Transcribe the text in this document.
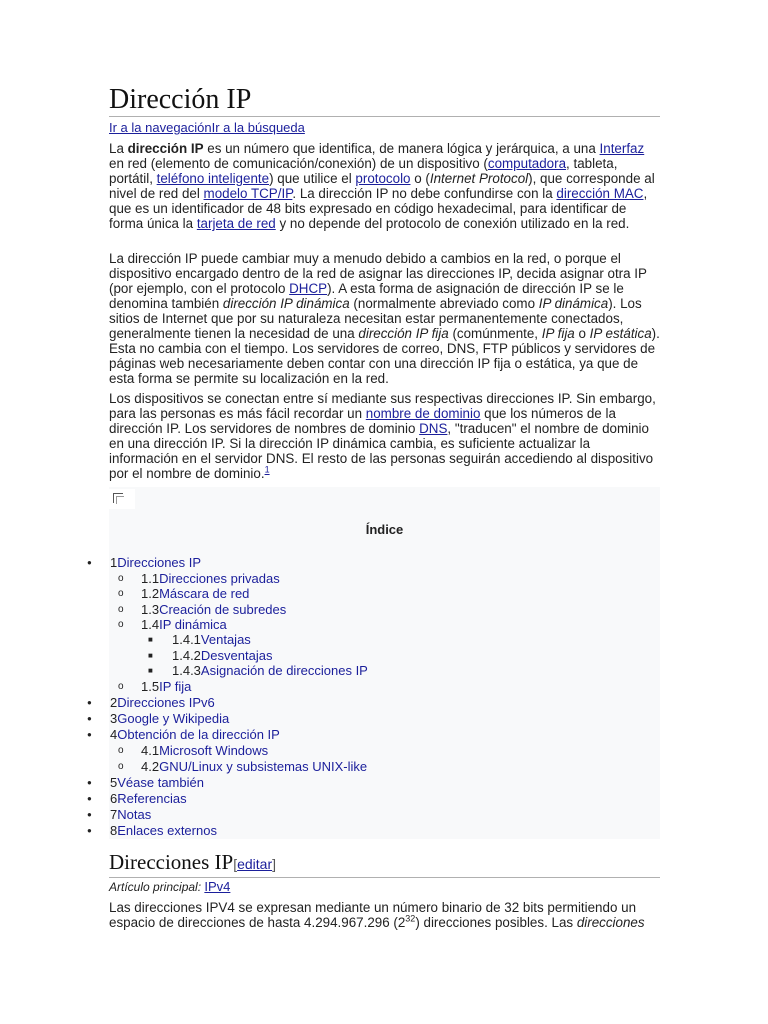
Dirección IP
Ir a la navegaciónIr a la búsqueda

La dirección IP es un número que identifica, de manera lógica y jerárquica, a una Interfaz en red (elemento de comunicación/conexión) de un dispositivo (computadora, tableta, portátil, teléfono inteligente) que utilice el protocolo o (Internet Protocol), que corresponde al nivel de red del modelo TCP/IP. La dirección IP no debe confundirse con la dirección MAC, que es un identificador de 48 bits expresado en código hexadecimal, para identificar de forma única la tarjeta de red y no depende del protocolo de conexión utilizado en la red.

La dirección IP puede cambiar muy a menudo debido a cambios en la red, o porque el dispositivo encargado dentro de la red de asignar las direcciones IP, decida asignar otra IP (por ejemplo, con el protocolo DHCP). A esta forma de asignación de dirección IP se le denomina también dirección IP dinámica (normalmente abreviado como IP dinámica). Los sitios de Internet que por su naturaleza necesitan estar permanentemente conectados, generalmente tienen la necesidad de una dirección IP fija (comúnmente, IP fija o IP estática). Esta no cambia con el tiempo. Los servidores de correo, DNS, FTP públicos y servidores de páginas web necesariamente deben contar con una dirección IP fija o estática, ya que de esta forma se permite su localización en la red.

Los dispositivos se conectan entre sí mediante sus respectivas direcciones IP. Sin embargo, para las personas es más fácil recordar un nombre de dominio que los números de la dirección IP. Los servidores de nombres de dominio DNS, "traducen" el nombre de dominio en una dirección IP. Si la dirección IP dinámica cambia, es suficiente actualizar la información en el servidor DNS. El resto de las personas seguirán accediendo al dispositivo por el nombre de dominio.$^1$

Índice
● 1Direcciones IP
o 1.1Direcciones privadas
o 1.2Máscara de red
o 1.3Creación de subredes
o 1.4IP dinámica
■ 1.4.1Ventajas
■ 1.4.2Desventajas
■ 1.4.3Asignación de direcciones IP
o 1.5IP fija
● 2Direcciones IPv6
● 3Google y Wikipedia
● 4Obtención de la dirección IP
o 4.1Microsoft Windows
o 4.2GNU/Linux y subsistemas UNIX-like
● 5Véase también
● 6Referencias
● 7Notas
● 8Enlaces externos
Direcciones IP[editar]
Artículo principal: IPv4

Las direcciones IPV4 se expresan mediante un número binario de 32 bits permitiendo un espacio de direcciones de hasta 4.294.967.296 $(2^{32})$ direcciones posibles. Las direcciones
